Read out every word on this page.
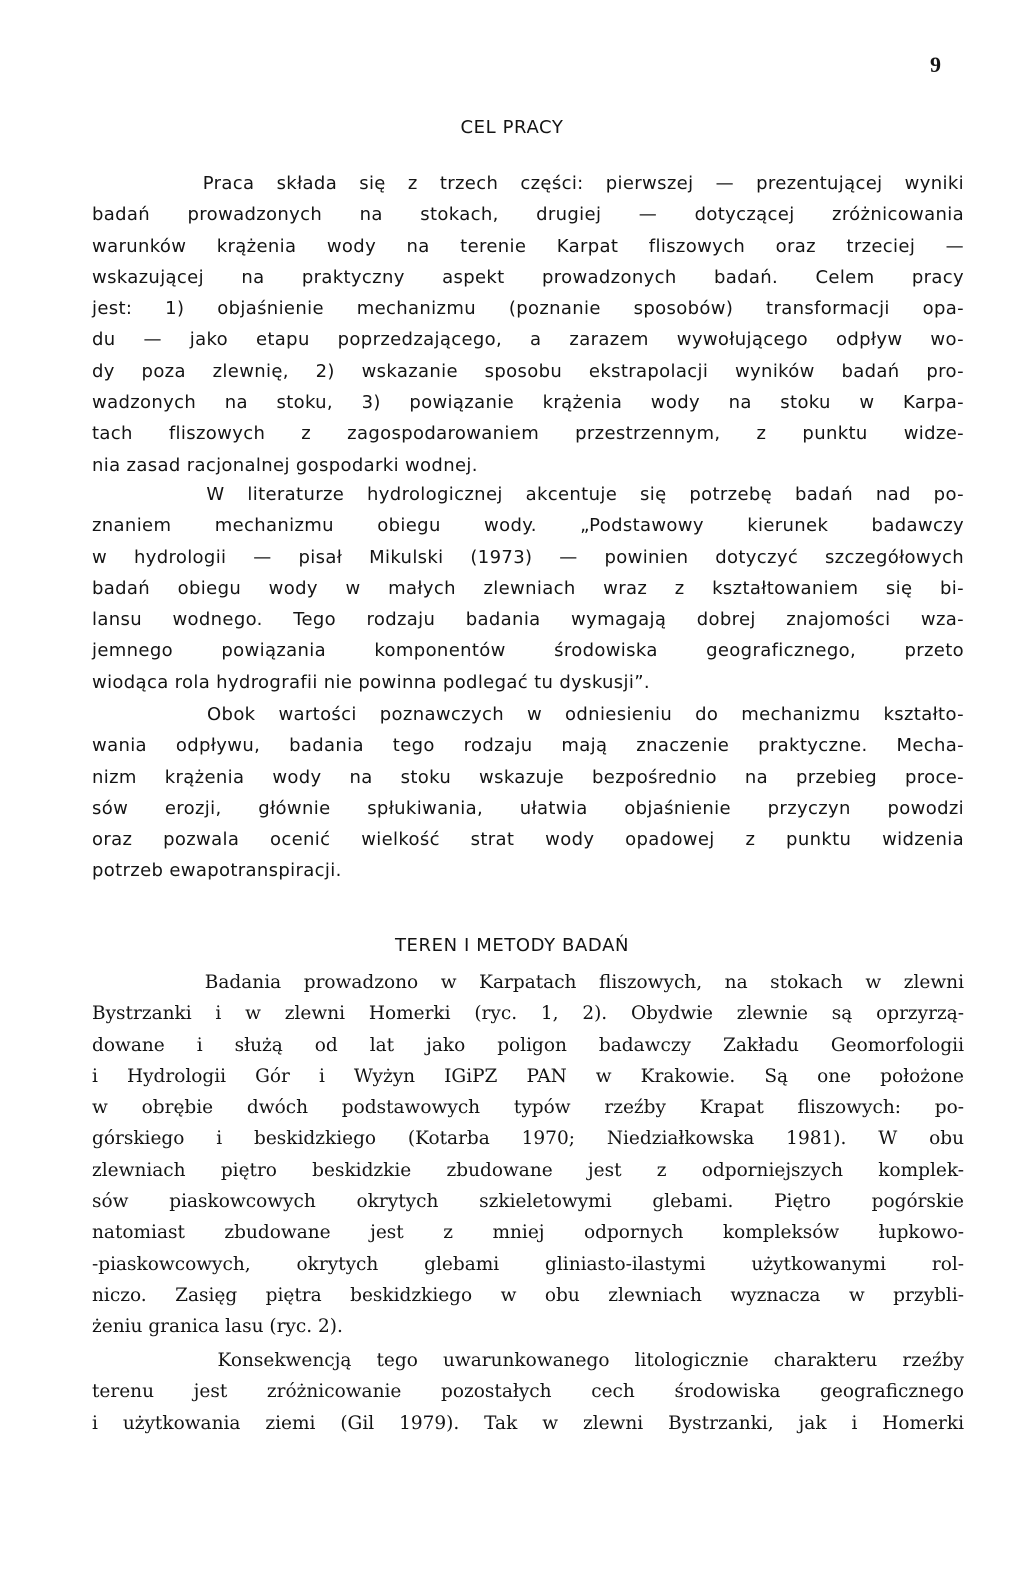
9
CEL PRACY
Praca składa się z trzech części: pierwszej — prezentującej wyniki
badań prowadzonych na stokach, drugiej — dotyczącej zróżnicowania
warunków krążenia wody na terenie Karpat fliszowych oraz trzeciej —
wskazującej na praktyczny aspekt prowadzonych badań. Celem pracy
jest: 1) objaśnienie mechanizmu (poznanie sposobów) transformacji opa-
du — jako etapu poprzedzającego, a zarazem wywołującego odpływ wo-
dy poza zlewnię, 2) wskazanie sposobu ekstrapolacji wyników badań pro-
wadzonych na stoku, 3) powiązanie krążenia wody na stoku w Karpa-
tach fliszowych z zagospodarowaniem przestrzennym, z punktu widze-
nia zasad racjonalnej gospodarki wodnej.
W literaturze hydrologicznej akcentuje się potrzebę badań nad po-
znaniem mechanizmu obiegu wody. „Podstawowy kierunek badawczy
w hydrologii — pisał Mikulski (1973) — powinien dotyczyć szczegółowych
badań obiegu wody w małych zlewniach wraz z kształtowaniem się bi-
lansu wodnego. Tego rodzaju badania wymagają dobrej znajomości wza-
jemnego powiązania komponentów środowiska geograficznego, przeto
wiodąca rola hydrografii nie powinna podlegać tu dyskusji”.
Obok wartości poznawczych w odniesieniu do mechanizmu kształto-
wania odpływu, badania tego rodzaju mają znaczenie praktyczne. Mecha-
nizm krążenia wody na stoku wskazuje bezpośrednio na przebieg proce-
sów erozji, głównie spłukiwania, ułatwia objaśnienie przyczyn powodzi
oraz pozwala ocenić wielkość strat wody opadowej z punktu widzenia
potrzeb ewapotranspiracji.
TEREN I METODY BADAŃ
Badania prowadzono w Karpatach fliszowych, na stokach w zlewni
Bystrzanki i w zlewni Homerki (ryc. 1, 2). Obydwie zlewnie są oprzyrzą-
dowane i służą od lat jako poligon badawczy Zakładu Geomorfologii
i Hydrologii Gór i Wyżyn IGiPZ PAN w Krakowie. Są one położone
w obrębie dwóch podstawowych typów rzeźby Krapat fliszowych: po-
górskiego i beskidzkiego (Kotarba 1970; Niedziałkowska 1981). W obu
zlewniach piętro beskidzkie zbudowane jest z odporniejszych komplek-
sów piaskowcowych okrytych szkieletowymi glebami. Piętro pogórskie
natomiast zbudowane jest z mniej odpornych kompleksów łupkowo-
-piaskowcowych, okrytych glebami gliniasto-ilastymi użytkowanymi rol-
niczo. Zasięg piętra beskidzkiego w obu zlewniach wyznacza w przybli-
żeniu granica lasu (ryc. 2).
Konsekwencją tego uwarunkowanego litologicznie charakteru rzeźby
terenu jest zróżnicowanie pozostałych cech środowiska geograficznego
i użytkowania ziemi (Gil 1979). Tak w zlewni Bystrzanki, jak i Homerki
